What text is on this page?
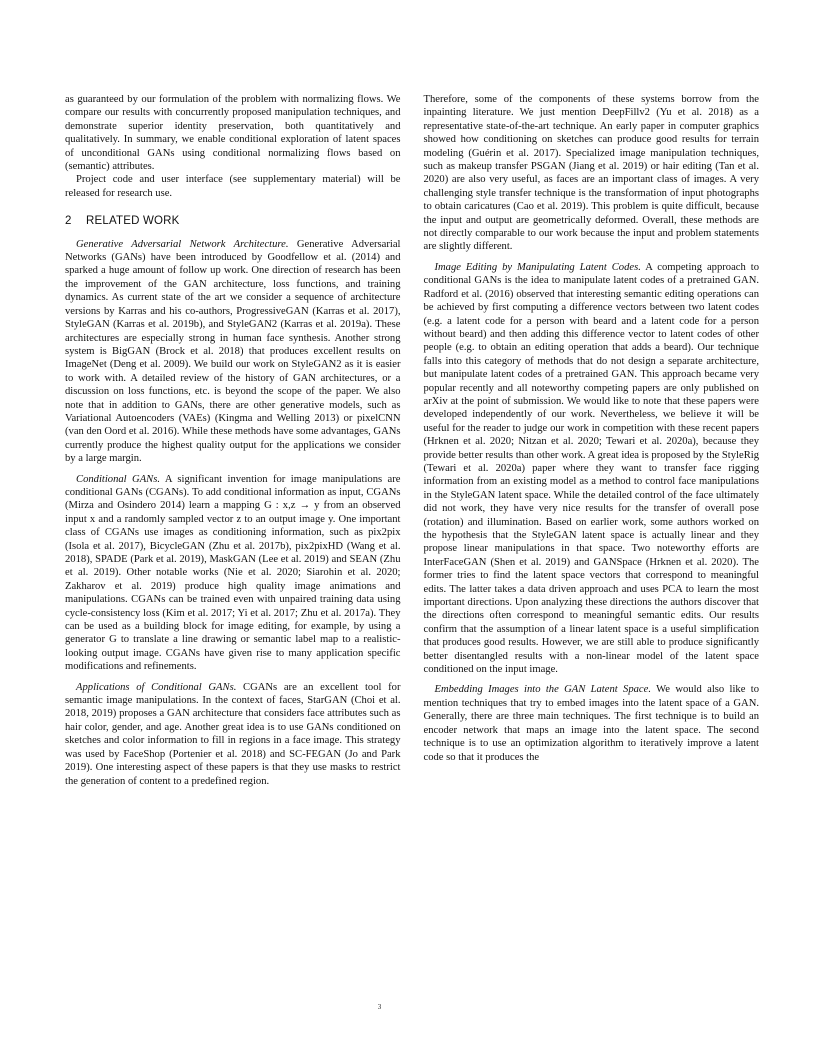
as guaranteed by our formulation of the problem with normalizing flows. We compare our results with concurrently proposed manipulation techniques, and demonstrate superior identity preservation, both quantitatively and qualitatively. In summary, we enable conditional exploration of latent spaces of unconditional GANs using conditional normalizing flows based on (semantic) attributes.

Project code and user interface (see supplementary material) will be released for research use.

2 RELATED WORK

Generative Adversarial Network Architecture. Generative Adversarial Networks (GANs) have been introduced by Goodfellow et al. (2014) and sparked a huge amount of follow up work. One direction of research has been the improvement of the GAN architecture, loss functions, and training dynamics. As current state of the art we consider a sequence of architecture versions by Karras and his co-authors, ProgressiveGAN (Karras et al. 2017), StyleGAN (Karras et al. 2019b), and StyleGAN2 (Karras et al. 2019a). These architectures are especially strong in human face synthesis. Another strong system is BigGAN (Brock et al. 2018) that produces excellent results on ImageNet (Deng et al. 2009). We build our work on StyleGAN2 as it is easier to work with. A detailed review of the history of GAN architectures, or a discussion on loss functions, etc. is beyond the scope of the paper. We also note that in addition to GANs, there are other generative models, such as Variational Autoencoders (VAEs) (Kingma and Welling 2013) or pixelCNN (van den Oord et al. 2016). While these methods have some advantages, GANs currently produce the highest quality output for the applications we consider by a large margin.

Conditional GANs. A significant invention for image manipulations are conditional GANs (CGANs). To add conditional information as input, CGANs (Mirza and Osindero 2014) learn a mapping G : x,z → y from an observed input x and a randomly sampled vector z to an output image y. One important class of CGANs use images as conditioning information, such as pix2pix (Isola et al. 2017), BicycleGAN (Zhu et al. 2017b), pix2pixHD (Wang et al. 2018), SPADE (Park et al. 2019), MaskGAN (Lee et al. 2019) and SEAN (Zhu et al. 2019). Other notable works (Nie et al. 2020; Siarohin et al. 2020; Zakharov et al. 2019) produce high quality image animations and manipulations. CGANs can be trained even with unpaired training data using cycle-consistency loss (Kim et al. 2017; Yi et al. 2017; Zhu et al. 2017a). They can be used as a building block for image editing, for example, by using a generator G to translate a line drawing or semantic label map to a realistic-looking output image. CGANs have given rise to many application specific modifications and refinements.

Applications of Conditional GANs. CGANs are an excellent tool for semantic image manipulations. In the context of faces, StarGAN (Choi et al. 2018, 2019) proposes a GAN architecture that considers face attributes such as hair color, gender, and age. Another great idea is to use GANs conditioned on sketches and color information to fill in regions in a face image. This strategy was used by FaceShop (Portenier et al. 2018) and SC-FEGAN (Jo and Park 2019). One interesting aspect of these papers is that they use masks to restrict the generation of content to a predefined region.

Therefore, some of the components of these systems borrow from the inpainting literature. We just mention DeepFillv2 (Yu et al. 2018) as a representative state-of-the-art technique. An early paper in computer graphics showed how conditioning on sketches can produce good results for terrain modeling (Guérin et al. 2017). Specialized image manipulation techniques, such as makeup transfer PSGAN (Jiang et al. 2019) or hair editing (Tan et al. 2020) are also very useful, as faces are an important class of images. A very challenging style transfer technique is the transformation of input photographs to obtain caricatures (Cao et al. 2019). This problem is quite difficult, because the input and output are geometrically deformed. Overall, these methods are not directly comparable to our work because the input and problem statements are slightly different.

Image Editing by Manipulating Latent Codes. A competing approach to conditional GANs is the idea to manipulate latent codes of a pretrained GAN. Radford et al. (2016) observed that interesting semantic editing operations can be achieved by first computing a difference vectors between two latent codes (e.g. a latent code for a person with beard and a latent code for a person without beard) and then adding this difference vector to latent codes of other people (e.g. to obtain an editing operation that adds a beard). Our technique falls into this category of methods that do not design a separate architecture, but manipulate latent codes of a pretrained GAN. This approach became very popular recently and all noteworthy competing papers are only published on arXiv at the point of submission. We would like to note that these papers were developed independently of our work. Nevertheless, we believe it will be useful for the reader to judge our work in competition with these recent papers (Hrknen et al. 2020; Nitzan et al. 2020; Tewari et al. 2020a), because they provide better results than other work. A great idea is proposed by the StyleRig (Tewari et al. 2020a) paper where they want to transfer face rigging information from an existing model as a method to control face manipulations in the StyleGAN latent space. While the detailed control of the face ultimately did not work, they have very nice results for the transfer of overall pose (rotation) and illumination. Based on earlier work, some authors worked on the hypothesis that the StyleGAN latent space is actually linear and they propose linear manipulations in that space. Two noteworthy efforts are InterFaceGAN (Shen et al. 2019) and GANSpace (Hrknen et al. 2020). The former tries to find the latent space vectors that correspond to meaningful edits. The latter takes a data driven approach and uses PCA to learn the most important directions. Upon analyzing these directions the authors discover that the directions often correspond to meaningful semantic edits. Our results confirm that the assumption of a linear latent space is a useful simplification that produces good results. However, we are still able to produce significantly better disentangled results with a non-linear model of the latent space conditioned on the input image.

Embedding Images into the GAN Latent Space. We would also like to mention techniques that try to embed images into the latent space of a GAN. Generally, there are three main techniques. The first technique is to build an encoder network that maps an image into the latent space. The second technique is to use an optimization algorithm to iteratively improve a latent code so that it produces the

3
